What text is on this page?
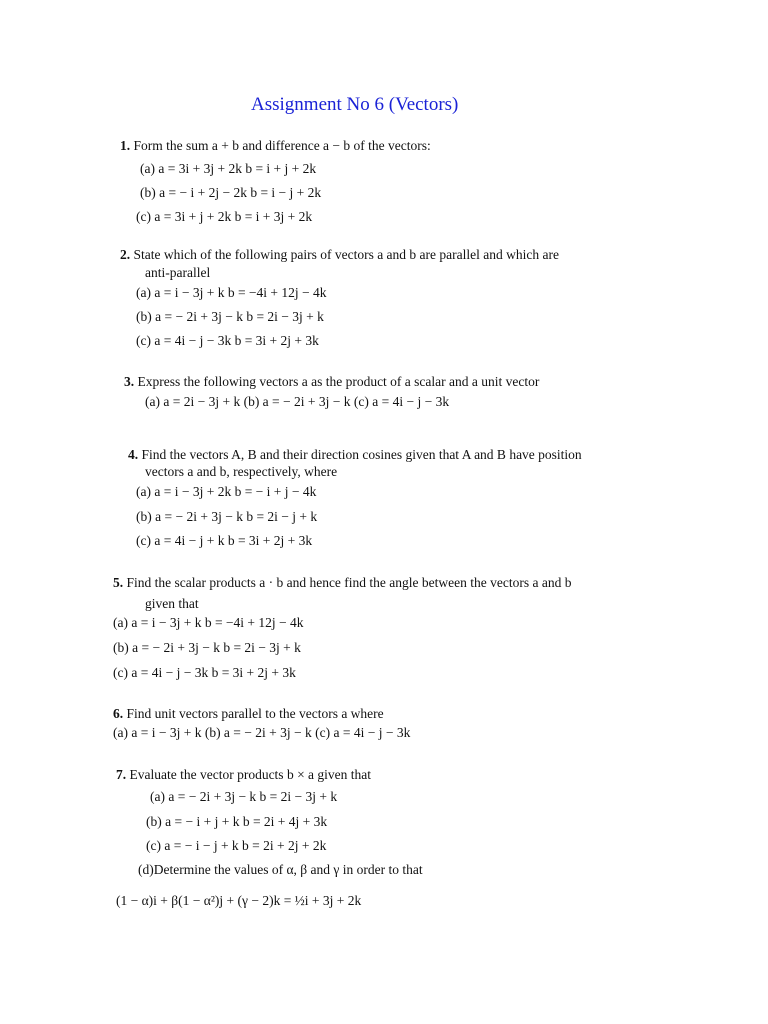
Assignment No 6 (Vectors)
1. Form the sum a + b and difference a − b of the vectors:
(a) a = 3i + 3j + 2k b = i + j + 2k
(b) a = − i + 2j − 2k b = i − j + 2k
(c) a = 3i + j + 2k b = i + 3j + 2k
2. State which of the following pairs of vectors a and b are parallel and which are
anti-parallel
(a) a = i − 3j + k b = −4i + 12j − 4k
(b) a = − 2i + 3j − k b = 2i − 3j + k
(c) a = 4i − j − 3k b = 3i + 2j + 3k
3. Express the following vectors a as the product of a scalar and a unit vector
(a) a = 2i − 3j + k (b) a = − 2i + 3j − k (c) a = 4i − j − 3k
4. Find the vectors A, B and their direction cosines given that A and B have position
vectors a and b, respectively, where
(a) a = i − 3j + 2k b = − i + j − 4k
(b) a = − 2i + 3j − k b = 2i − j + k
(c) a = 4i − j + k b = 3i + 2j + 3k
5. Find the scalar products a · b and hence find the angle between the vectors a and b
given that
(a) a = i − 3j + k b = −4i + 12j − 4k
(b) a = − 2i + 3j − k b = 2i − 3j + k
(c) a = 4i − j − 3k b = 3i + 2j + 3k
6. Find unit vectors parallel to the vectors a where
(a) a = i − 3j + k (b) a = − 2i + 3j − k (c) a = 4i − j − 3k
7. Evaluate the vector products b × a given that
(a) a = − 2i + 3j − k b = 2i − 3j + k
(b) a = − i + j + k b = 2i + 4j + 3k
(c) a = − i − j + k b = 2i + 2j + 2k
(d)Determine the values of α, β and γ in order to that
(1 − α)i + β(1 − α²)j + (γ − 2)k = ½i + 3j + 2k
